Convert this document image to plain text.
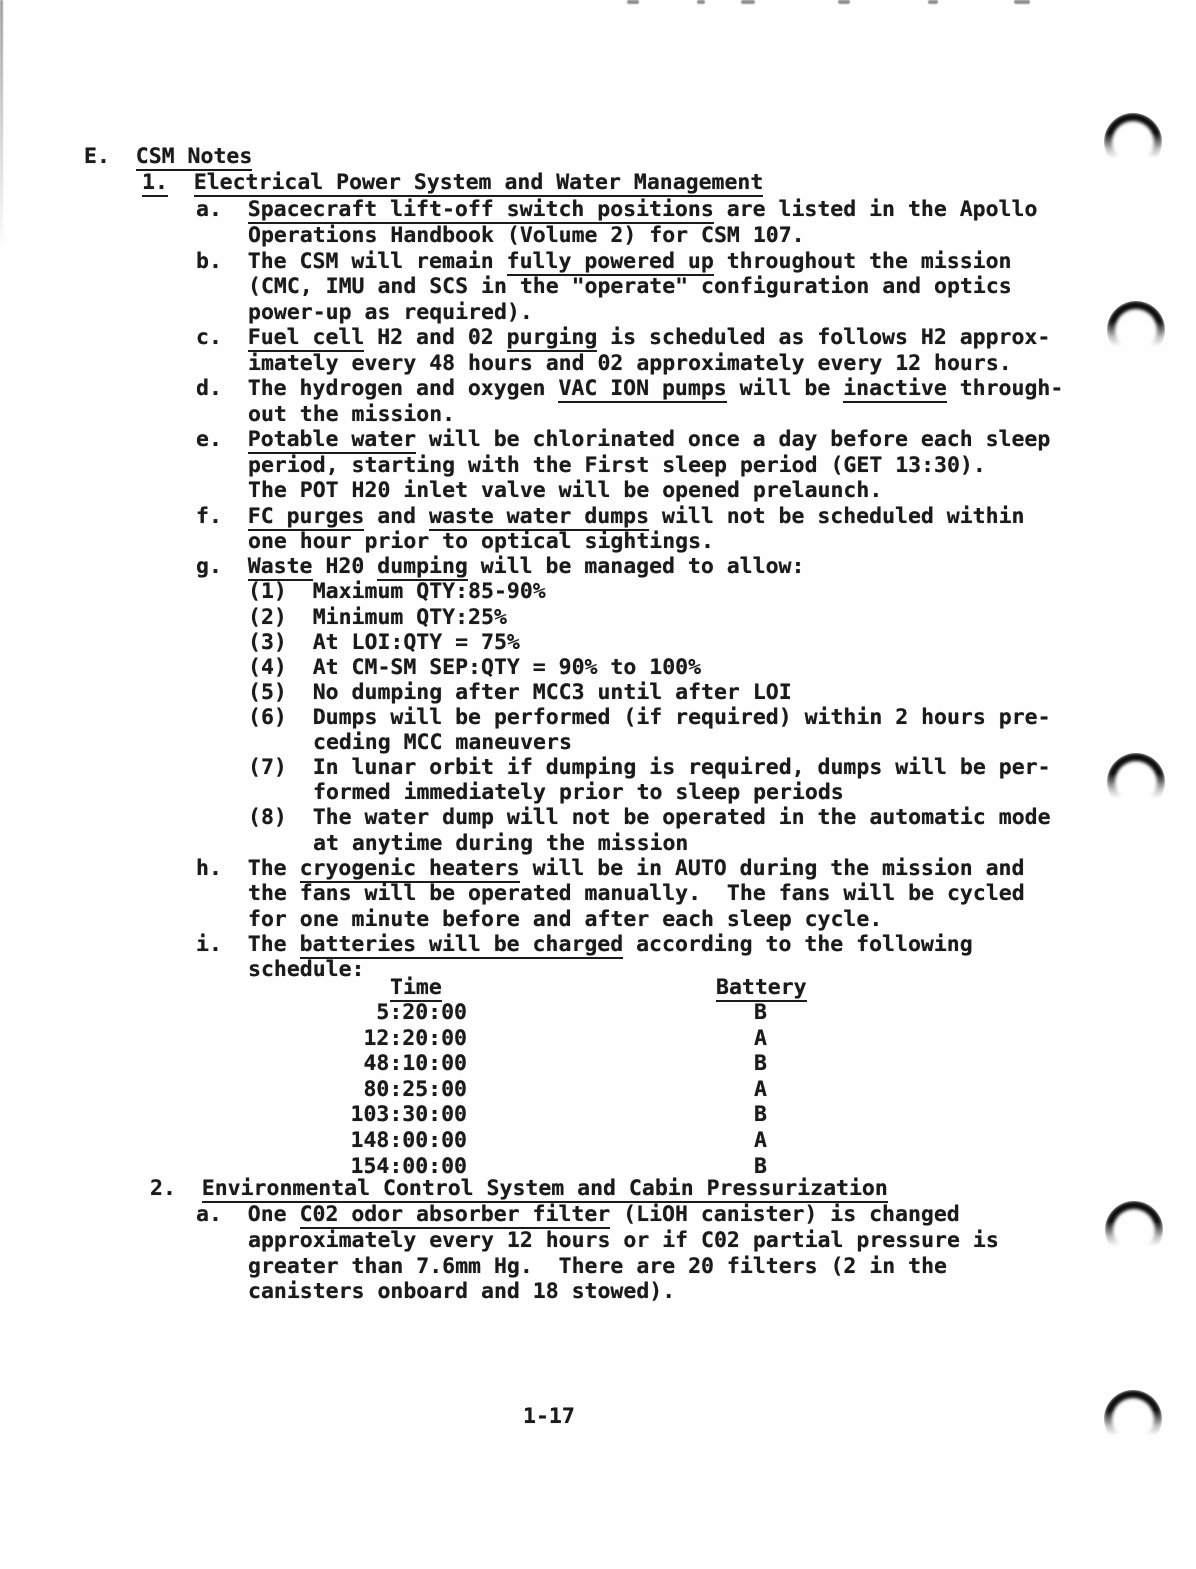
E.  CSM Notes
1. Electrical Power System and Water Management
a.  Spacecraft lift-off switch positions are listed in the Apollo
Operations Handbook (Volume 2) for CSM 107.
b.  The CSM will remain fully powered up throughout the mission
(CMC, IMU and SCS in the "operate" configuration and optics
power-up as required).
c.  Fuel cell H2 and 02 purging is scheduled as follows H2 approx-
imately every 48 hours and 02 approximately every 12 hours.
d.  The hydrogen and oxygen VAC ION pumps will be inactive through-
out the mission.
e.  Potable water will be chlorinated once a day before each sleep
period, starting with the First sleep period (GET 13:30).
The POT H20 inlet valve will be opened prelaunch.
f.  FC purges and waste water dumps will not be scheduled within
one hour prior to optical sightings.
g.  Waste H20 dumping will be managed to allow:
(1)  Maximum QTY:85-90%
(2)  Minimum QTY:25%
(3)  At LOI:QTY = 75%
(4)  At CM-SM SEP:QTY = 90% to 100%
(5)  No dumping after MCC3 until after LOI
(6)  Dumps will be performed (if required) within 2 hours pre-
ceding MCC maneuvers
(7)  In lunar orbit if dumping is required, dumps will be per-
formed immediately prior to sleep periods
(8)  The water dump will not be operated in the automatic mode
at anytime during the mission
h.  The cryogenic heaters will be in AUTO during the mission and
the fans will be operated manually.  The fans will be cycled
for one minute before and after each sleep cycle.
i.  The batteries will be charged according to the following
schedule:
2.  Environmental Control System and Cabin Pressurization
a.  One C02 odor absorber filter (LiOH canister) is changed
approximately every 12 hours or if C02 partial pressure is
greater than 7.6mm Hg.  There are 20 filters (2 in the
canisters onboard and 18 stowed).
Time	Battery
5:20:00	B
12:20:00	A
48:10:00	B
80:25:00	A
103:30:00	B
148:00:00	A
154:00:00	B
1-17
